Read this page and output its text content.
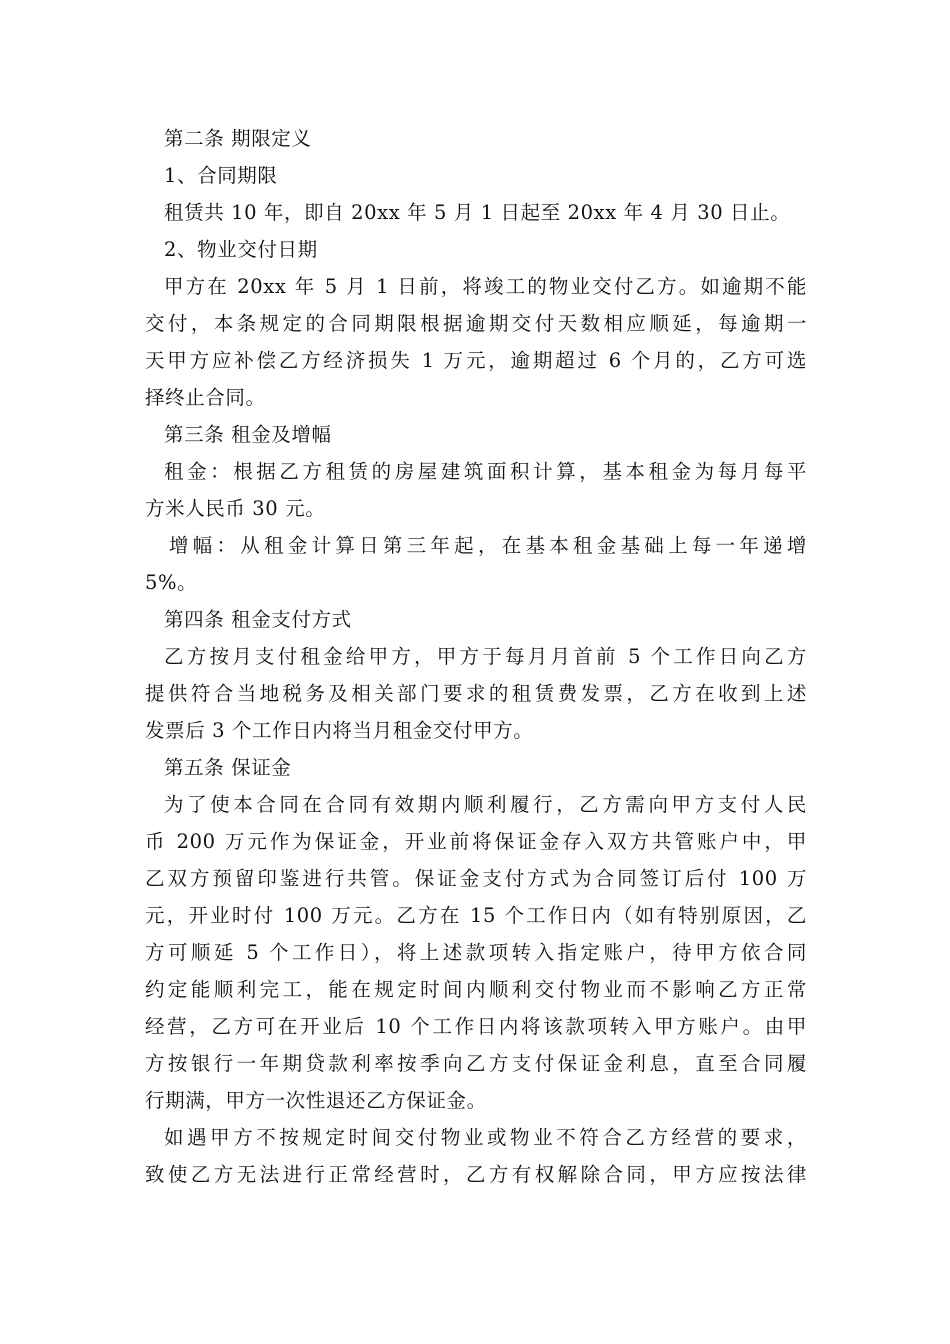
第二条 期限定义
1、合同期限
租赁共 10 年，即自 20xx 年 5 月 1 日起至 20xx 年 4 月 30 日止。
2、物业交付日期
甲方在 20xx 年 5 月 1 日前，将竣工的物业交付乙方。如逾期不能
交付，本条规定的合同期限根据逾期交付天数相应顺延，每逾期一
天甲方应补偿乙方经济损失 1 万元，逾期超过 6 个月的，乙方可选
择终止合同。
第三条 租金及增幅
租金：根据乙方租赁的房屋建筑面积计算，基本租金为每月每平
方米人民币 30 元。
增幅：从租金计算日第三年起，在基本租金基础上每一年递增
5%。
第四条 租金支付方式
乙方按月支付租金给甲方，甲方于每月月首前 5 个工作日向乙方
提供符合当地税务及相关部门要求的租赁费发票，乙方在收到上述
发票后 3 个工作日内将当月租金交付甲方。
第五条 保证金
为了使本合同在合同有效期内顺利履行，乙方需向甲方支付人民
币 200 万元作为保证金，开业前将保证金存入双方共管账户中，甲
乙双方预留印鉴进行共管。保证金支付方式为合同签订后付 100 万
元，开业时付 100 万元。乙方在 15 个工作日内（如有特别原因，乙
方可顺延 5 个工作日），将上述款项转入指定账户，待甲方依合同
约定能顺利完工，能在规定时间内顺利交付物业而不影响乙方正常
经营，乙方可在开业后 10 个工作日内将该款项转入甲方账户。由甲
方按银行一年期贷款利率按季向乙方支付保证金利息，直至合同履
行期满，甲方一次性退还乙方保证金。
如遇甲方不按规定时间交付物业或物业不符合乙方经营的要求，
致使乙方无法进行正常经营时，乙方有权解除合同，甲方应按法律
